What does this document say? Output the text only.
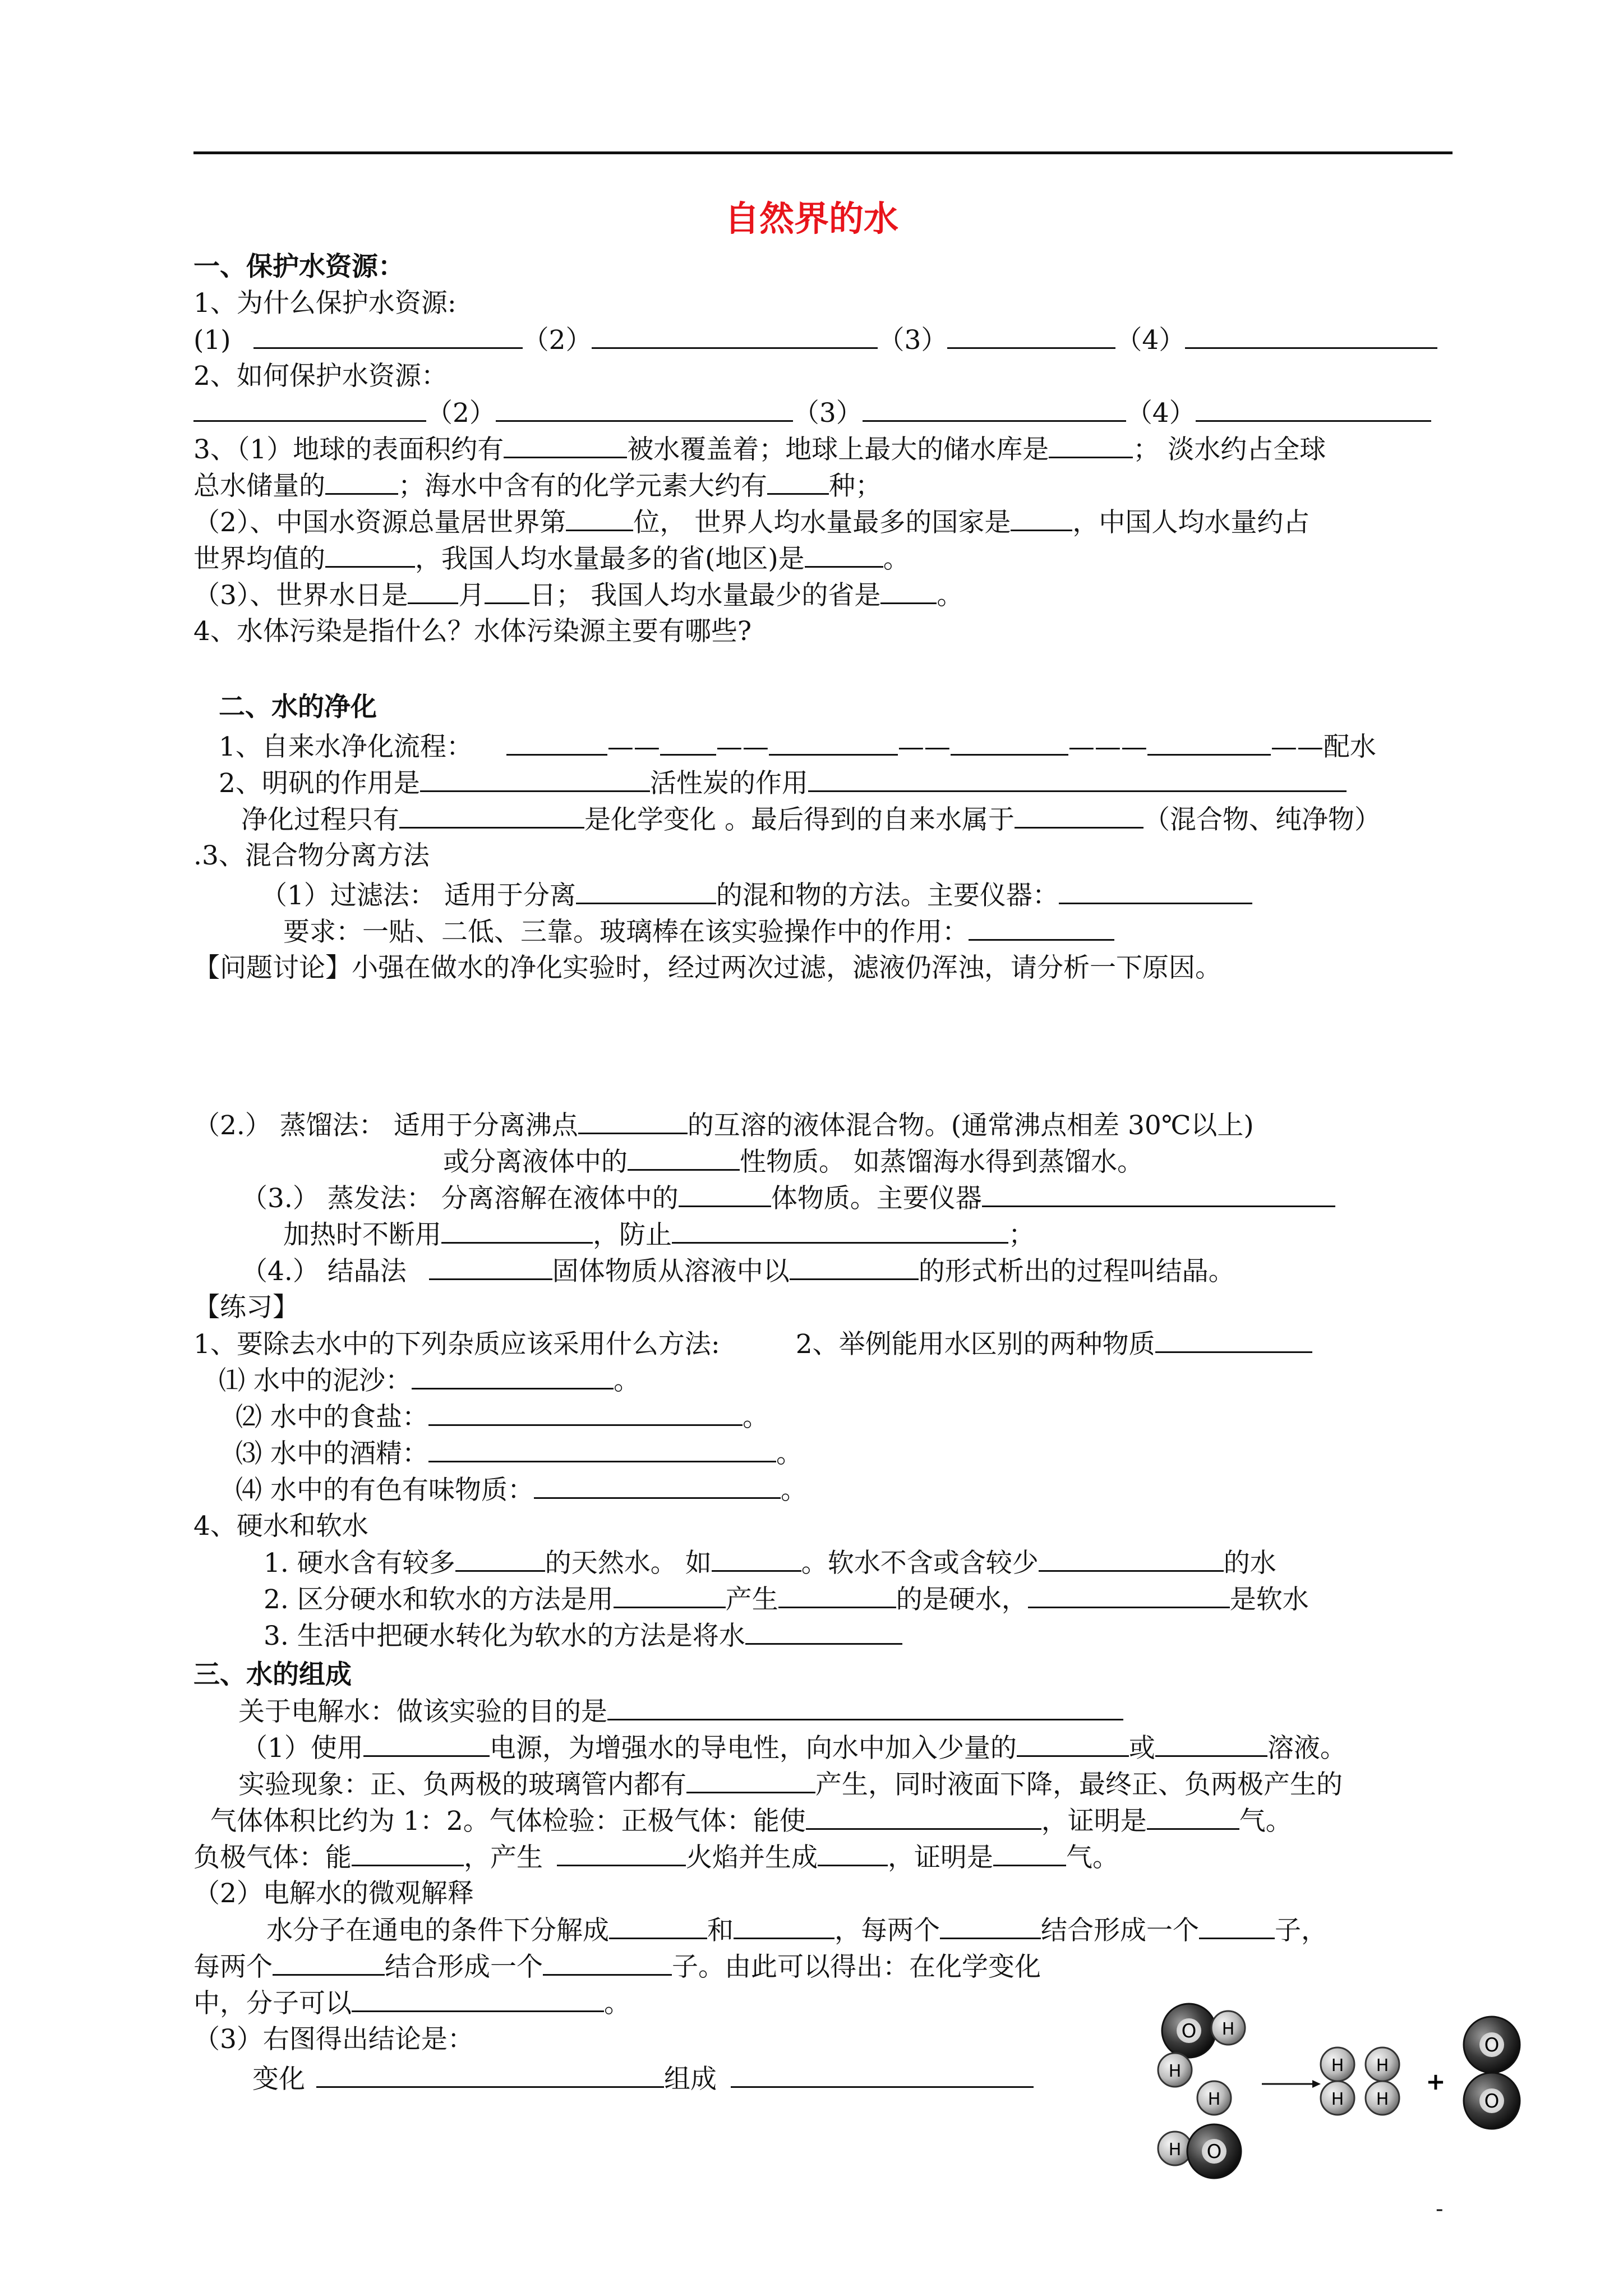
自然界的水
一、保护水资源：
1、为什么保护水资源:
(1)	（2）	（3）	（4）
2、如何保护水资源：
（2）	（3）	（4）
3、（1）地球的表面积约有	被水覆盖着；地球上最大的储水库是	； 淡水约占全球
总水储量的	；海水中含有的化学元素大约有 种；
（2）、中国水资源总量居世界第	位， 世界人均水量最多的国家是 ，中国人均水量约占
世界均值的	，我国人均水量最多的省(地区)是	。
（3）、世界水日是 月 日； 我国人均水量最少的省是 。
4、水体污染是指什么？水体污染源主要有哪些?
二、水的净化
1、自来水净化流程：	—— ——	——	———	——配水
2、明矾的作用是	活性炭的作用
净化过程只有	是化学变化 。最后得到的自来水属于	（混合物、纯净物）
.3、混合物分离方法
（1）过滤法： 适用于分离	的混和物的方法。主要仪器：
要求：一贴、二低、三靠。玻璃棒在该实验操作中的作用：
【问题讨论】小强在做水的净化实验时，经过两次过滤，滤液仍浑浊，请分析一下原因。
（2.） 蒸馏法： 适用于分离沸点	的互溶的液体混合物。(通常沸点相差 30℃以上)
或分离液体中的	性物质。 如蒸馏海水得到蒸馏水。
（3.） 蒸发法： 分离溶解在液体中的	体物质。主要仪器
加热时不断用	，防止	；
（4.） 结晶法	固体物质从溶液中以	的形式析出的过程叫结晶。
【练习】
1、要除去水中的下列杂质应该采用什么方法:	2、举例能用水区别的两种物质
⑴ 水中的泥沙：	。
⑵ 水中的食盐：	。
⑶ 水中的酒精：	。
⑷ 水中的有色有味物质：	。
4、硬水和软水
1. 硬水含有较多	的天然水。 如	。软水不含或含较少	的水
2. 区分硬水和软水的方法是用	产生	的是硬水，	是软水
3. 生活中把硬水转化为软水的方法是将水
三、水的组成
关于电解水：做该实验的目的是
（1）使用	电源，为增强水的导电性，向水中加入少量的	或	溶液。
实验现象：正、负两极的玻璃管内都有	产生，同时液面下降，最终正、负两极产生的
气体体积比约为 1：2。气体检验：正极气体：能使	，证明是	气。
负极气体：能	，产生	火焰并生成	，证明是	气。
（2）电解水的微观解释
水分子在通电的条件下分解成	和	，每两个	结合形成一个	子，
每两个	结合形成一个	子。由此可以得出：在化学变化
中，分子可以	。
（3）右图得出结论是：
变化	组成
O H
H
H
H O
H
H
H
H
+
O
O
-
